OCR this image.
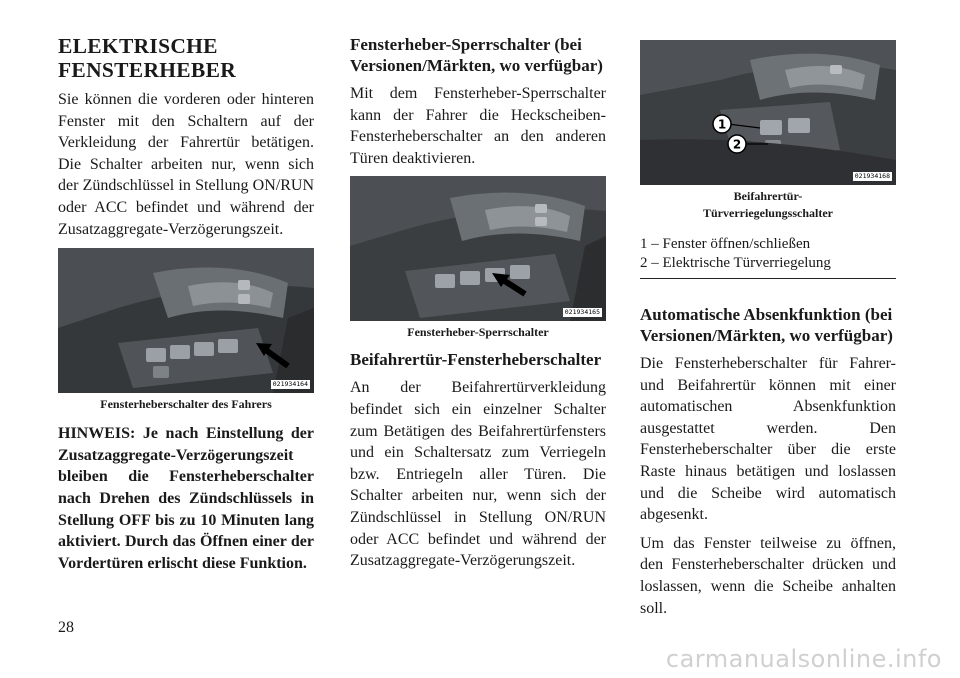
ELEKTRISCHE FENSTERHEBER
Sie können die vorderen oder hinteren Fenster mit den Schaltern auf der Verkleidung der Fahrertür betätigen. Die Schalter arbeiten nur, wenn sich der Zündschlüssel in Stellung ON/RUN oder ACC befindet und während der Zusatzaggregate-Verzögerungszeit.
021934164
Fensterheberschalter des Fahrers
HINWEIS: Je nach Einstellung der Zusatzaggregate-Verzögerungszeit bleiben die Fensterheberschalter nach Drehen des Zündschlüssels in Stellung OFF bis zu 10 Minuten lang aktiviert. Durch das Öffnen einer der Vordertüren erlischt diese Funktion.
Fensterheber-Sperrschalter (bei Versionen/Märkten, wo verfügbar)
Mit dem Fensterheber-Sperrschalter kann der Fahrer die Heckscheiben-Fensterheberschalter an den anderen Türen deaktivieren.
021934165
Fensterheber-Sperrschalter
Beifahrertür-Fensterheberschalter
An der Beifahrertürverkleidung befindet sich ein einzelner Schalter zum Betätigen des Beifahrertürfensters und ein Schaltersatz zum Verriegeln bzw. Entriegeln aller Türen. Die Schalter arbeiten nur, wenn sich der Zündschlüssel in Stellung ON/RUN oder ACC befindet und während der Zusatzaggregate-Verzögerungszeit.
1
2
021934168
Beifahrertür-Türverriegelungsschalter
1 – Fenster öffnen/schließen
2 – Elektrische Türverriegelung
Automatische Absenkfunktion (bei Versionen/Märkten, wo verfügbar)
Die Fensterheberschalter für Fahrer- und Beifahrertür können mit einer automatischen Absenkfunktion ausgestattet werden. Den Fensterheberschalter über die erste Raste hinaus betätigen und loslassen und die Scheibe wird automatisch abgesenkt.
Um das Fenster teilweise zu öffnen, den Fensterheberschalter drücken und loslassen, wenn die Scheibe anhalten soll.
28
carmanualsonline.info
